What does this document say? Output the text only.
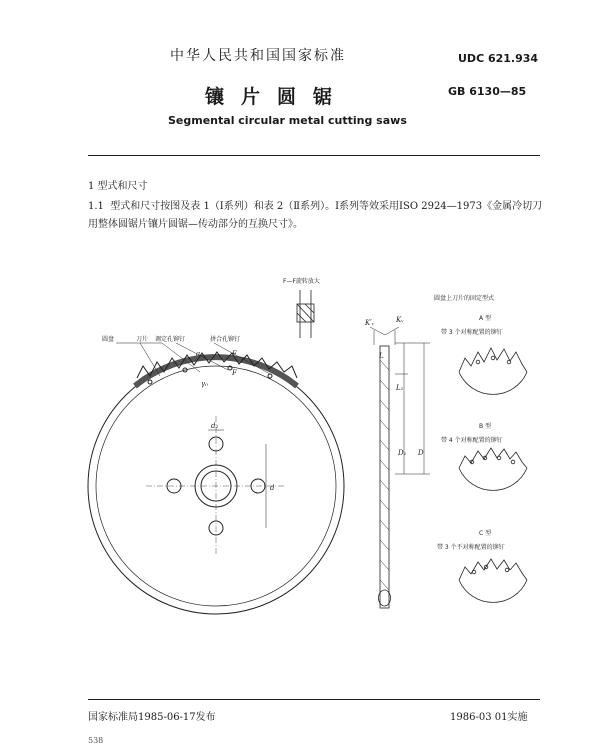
中华人民共和国国家标准	UDC 621.934
GB 6130—85
镶片圆锯
Segmental circular metal cutting saws
1 型式和尺寸
1.1 型式和尺寸按图及表 1（Ⅰ系列）和表 2（Ⅱ系列）。Ⅰ系列等效采用ISO 2924—1973《金属冷切刀用整体圆锯片镶片圆锯—传动部分的互换尺寸》。
圆盘	刀片 调定孔铆钉	拼合孔铆钉
a₀	F
F
γ₀
d₂
d
F—F旋转放大
K′ᵥ	Kᵥ
L
L₁
D₁ D
圆盘上刀片的固定型式
A 型
带 3 个对称配置的铆钉
B 型
带 4 个对称配置的铆钉
C 型
带 3 个不对称配置的铆钉
国家标准局1985-06-17发布	1986-03 01实施
538
